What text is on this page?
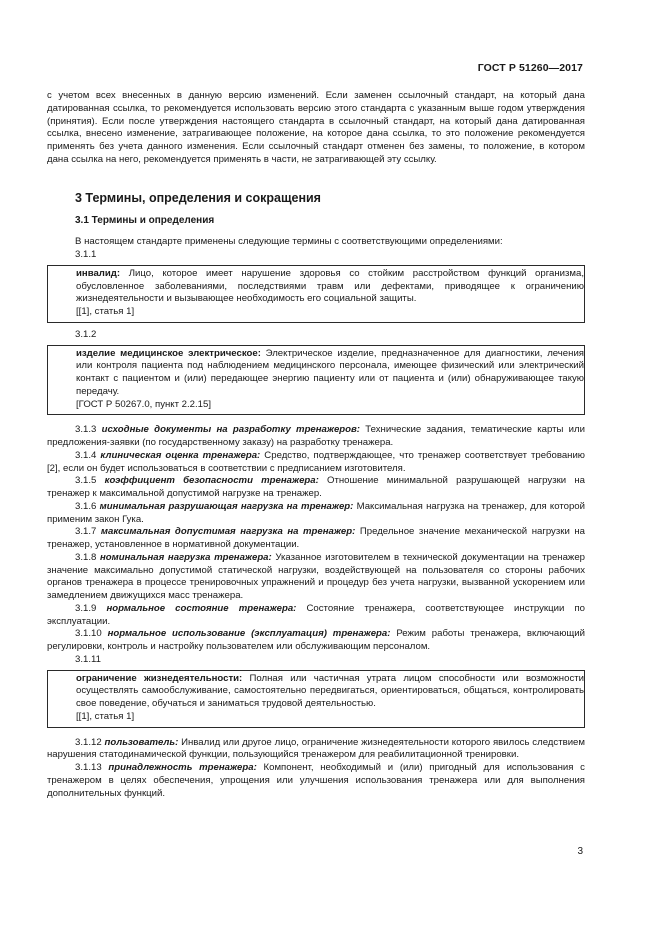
ГОСТ Р 51260—2017

с учетом всех внесенных в данную версию изменений. Если заменен ссылочный стандарт, на который дана датированная ссылка, то рекомендуется использовать версию этого стандарта с указанным выше годом утверждения (принятия). Если после утверждения настоящего стандарта в ссылочный стандарт, на который дана датированная ссылка, внесено изменение, затрагивающее положение, на которое дана ссылка, то это положение рекомендуется применять без учета данного изменения. Если ссылочный стандарт отменен без замены, то положение, в котором дана ссылка на него, рекомендуется применять в части, не затрагивающей эту ссылку.

3 Термины, определения и сокращения
3.1 Термины и определения

В настоящем стандарте применены следующие термины с соответствующими определениями:

3.1.1

инвалид: Лицо, которое имеет нарушение здоровья со стойким расстройством функций организма, обусловленное заболеваниями, последствиями травм или дефектами, приводящее к ограничению жизнедеятельности и вызывающее необходимость его социальной защиты.

[[1], статья 1]
3.1.2

изделие медицинское электрическое: Электрическое изделие, предназначенное для диагностики, лечения или контроля пациента под наблюдением медицинского персонала, имеющее физический или электрический контакт с пациентом и (или) передающее энергию пациенту или от пациента и (или) обнаруживающее такую передачу.

[ГОСТ Р 50267.0, пункт 2.2.15]

3.1.3 исходные документы на разработку тренажеров: Технические задания, тематические карты или предложения-заявки (по государственному заказу) на разработку тренажера.

3.1.4 клиническая оценка тренажера: Средство, подтверждающее, что тренажер соответствует требованию [2], если он будет использоваться в соответствии с предписанием изготовителя.

3.1.5 коэффициент безопасности тренажера: Отношение минимальной разрушающей нагрузки на тренажер к максимальной допустимой нагрузке на тренажер.

3.1.6 минимальная разрушающая нагрузка на тренажер: Максимальная нагрузка на тренажер, для которой применим закон Гука.

3.1.7 максимальная допустимая нагрузка на тренажер: Предельное значение механической нагрузки на тренажер, установленное в нормативной документации.

3.1.8 номинальная нагрузка тренажера: Указанное изготовителем в технической документации на тренажер значение максимально допустимой статической нагрузки, воздействующей на пользователя со стороны рабочих органов тренажера в процессе тренировочных упражнений и процедур без учета нагрузки, вызванной ускорением или замедлением движущихся масс тренажера.

3.1.9 нормальное состояние тренажера: Состояние тренажера, соответствующее инструкции по эксплуатации.

3.1.10 нормальное использование (эксплуатация) тренажера: Режим работы тренажера, включающий регулировки, контроль и настройку пользователем или обслуживающим персоналом.

3.1.11

ограничение жизнедеятельности: Полная или частичная утрата лицом способности или возможности осуществлять самообслуживание, самостоятельно передвигаться, ориентироваться, общаться, контролировать свое поведение, обучаться и заниматься трудовой деятельностью.

[[1], статья 1]

3.1.12 пользователь: Инвалид или другое лицо, ограничение жизнедеятельности которого явилось следствием нарушения статодинамической функции, пользующийся тренажером для реабилитационной тренировки.

3.1.13 принадлежность тренажера: Компонент, необходимый и (или) пригодный для использования с тренажером в целях обеспечения, упрощения или улучшения использования тренажера или для выполнения дополнительных функций.

3
